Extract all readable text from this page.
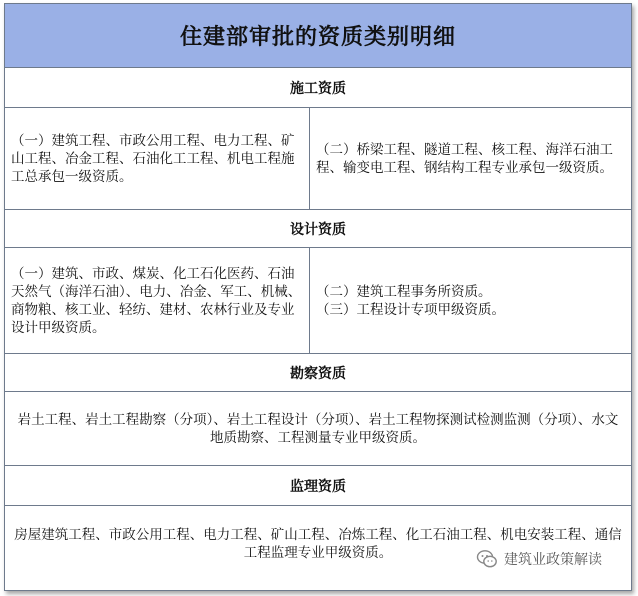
住建部审批的资质类别明细
施工资质
（一）建筑工程、市政公用工程、电力工程、矿山工程、冶金工程、石油化工工程、机电工程施工总承包一级资质。
（二）桥梁工程、隧道工程、核工程、海洋石油工程、输变电工程、钢结构工程专业承包一级资质。
设计资质
（一）建筑、市政、煤炭、化工石化医药、石油天然气（海洋石油）、电力、冶金、军工、机械、商物粮、核工业、轻纺、建材、农林行业及专业设计甲级资质。
（二）建筑工程事务所资质。
（三）工程设计专项甲级资质。
勘察资质
岩土工程、岩土工程勘察（分项）、岩土工程设计（分项）、岩土工程物探测试检测监测（分项）、水文地质勘察、工程测量专业甲级资质。
监理资质
房屋建筑工程、市政公用工程、电力工程、矿山工程、冶炼工程、化工石油工程、机电安装工程、通信工程监理专业甲级资质。	建筑业政策解读
